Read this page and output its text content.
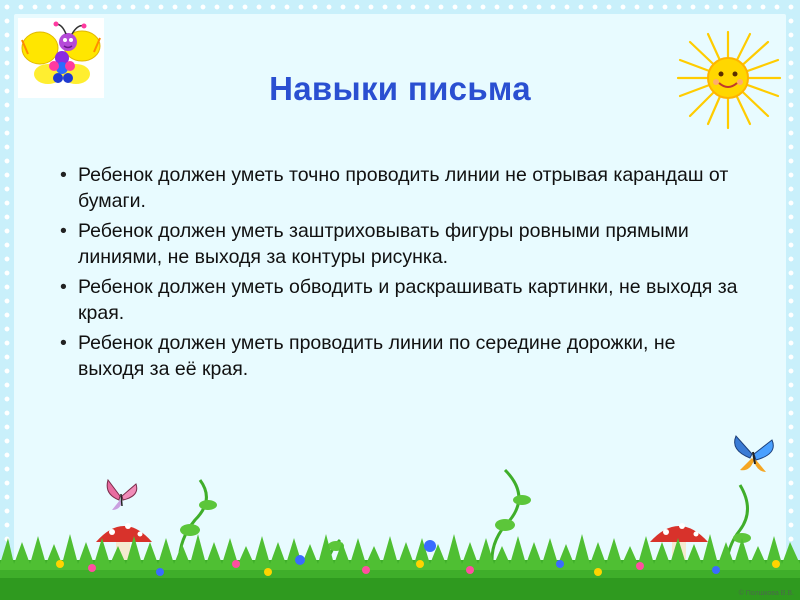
Навыки письма
• Ребенок должен уметь точно проводить линии не отрывая карандаш от бумаги.
• Ребенок должен уметь заштриховывать фигуры ровными прямыми линиями, не выходя за контуры рисунка.
• Ребенок должен уметь обводить и раскрашивать картинки, не выходя за края.
• Ребенок должен уметь проводить линии по середине дорожки, не выходя за её края.
© Полшкова В.В.
